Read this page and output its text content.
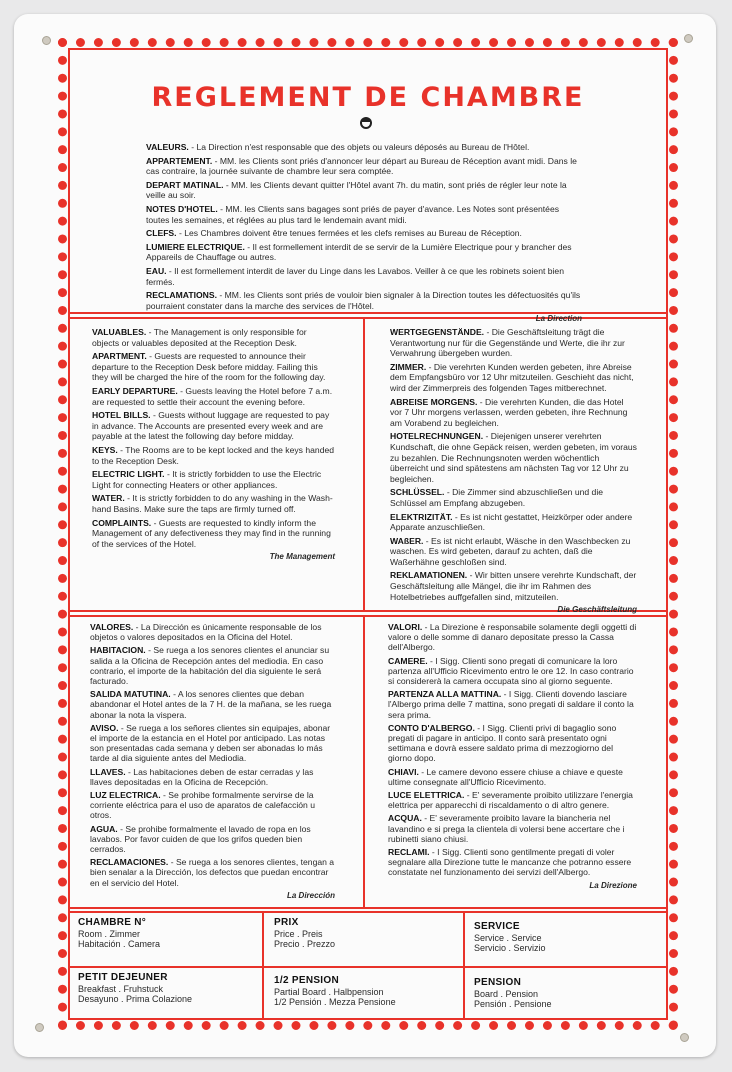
REGLEMENT DE CHAMBRE

VALEURS. - La Direction n'est responsable que des objets ou valeurs déposés au Bureau de l'Hôtel.

APPARTEMENT. - MM. les Clients sont priés d'annoncer leur départ au Bureau de Réception avant midi. Dans le cas contraire, la journée suivante de chambre leur sera comptée.

DEPART MATINAL. - MM. les Clients devant quitter l'Hôtel avant 7h. du matin, sont priés de régler leur note la veille au soir.

NOTES D'HOTEL. - MM. les Clients sans bagages sont priés de payer d'avance. Les Notes sont présentées toutes les semaines, et réglées au plus tard le lendemain avant midi.

CLEFS. - Les Chambres doivent être tenues fermées et les clefs remises au Bureau de Réception.

LUMIERE ELECTRIQUE. - Il est formellement interdit de se servir de la Lumière Electrique pour y brancher des Appareils de Chauffage ou autres.

EAU. - Il est formellement interdit de laver du Linge dans les Lavabos. Veiller à ce que les robinets soient bien fermés.

RECLAMATIONS. - MM. les Clients sont priés de vouloir bien signaler à la Direction toutes les défectuosités qu'ils pourraient constater dans la marche des services de l'Hôtel.

La Direction

VALUABLES. - The Management is only responsible for objects or valuables deposited at the Reception Desk.

APARTMENT. - Guests are requested to announce their departure to the Reception Desk before midday. Failing this they will be charged the hire of the room for the following day.

EARLY DEPARTURE. - Guests leaving the Hotel before 7 a.m. are requested to settle their account the evening before.

HOTEL BILLS. - Guests without luggage are requested to pay in advance. The Accounts are presented every week and are payable at the latest the following day before midday.

KEYS. - The Rooms are to be kept locked and the keys handed to the Reception Desk.

ELECTRIC LIGHT. - It is strictly forbidden to use the Electric Light for connecting Heaters or other appliances.

WATER. - It is strictly forbidden to do any washing in the Wash-hand Basins. Make sure the taps are firmly turned off.

COMPLAINTS. - Guests are requested to kindly inform the Management of any defectiveness they may find in the running of the services of the Hotel.

The Management

WERTGEGENSTÄNDE. - Die Geschäftsleitung trägt die Verantwortung nur für die Gegenstände und Werte, die ihr zur Verwahrung übergeben wurden.

ZIMMER. - Die verehrten Kunden werden gebeten, ihre Abreise dem Empfangsbüro vor 12 Uhr mitzuteilen. Geschieht das nicht, wird der Zimmerpreis des folgenden Tages mitberechnet.

ABREISE MORGENS. - Die verehrten Kunden, die das Hotel vor 7 Uhr morgens verlassen, werden gebeten, ihre Rechnung am Vorabend zu begleichen.

HOTELRECHNUNGEN. - Diejenigen unserer verehrten Kundschaft, die ohne Gepäck reisen, werden gebeten, im voraus zu bezahlen. Die Rechnungsnoten werden wöchentlich überreicht und sind spätestens am nächsten Tag vor 12 Uhr zu begleichen.

SCHLÜSSEL. - Die Zimmer sind abzuschließen und die Schlüssel am Empfang abzugeben.

ELEKTRIZITÄT. - Es ist nicht gestattet, Heizkörper oder andere Apparate anzuschließen.

WAßER. - Es ist nicht erlaubt, Wäsche in den Waschbecken zu waschen. Es wird gebeten, darauf zu achten, daß die Waßerhähne geschloßen sind.

REKLAMATIONEN. - Wir bitten unsere verehrte Kundschaft, der Geschäftsleitung alle Mängel, die ihr im Rahmen des Hotelbetriebes auffgefallen sind, mitzuteilen.

Die Geschäftsleitung

VALORES. - La Dirección es únicamente responsable de los objetos o valores depositados en la Oficina del Hotel.

HABITACION. - Se ruega a los senores clientes el anunciar su salida a la Oficina de Recepción antes del mediodia. En caso contrario, el importe de la habitación del dia siguiente le será facturado.

SALIDA MATUTINA. - A los senores clientes que deban abandonar el Hotel antes de la 7 H. de la mañana, se les ruega abonar la nota la vispera.

AVISO. - Se ruega a los señores clientes sin equipajes, abonar el importe de la estancia en el Hotel por anticipado. Las notas son presentadas cada semana y deben ser abonadas lo más tarde al dia siguiente antes del Mediodia.

LLAVES. - Las habitaciones deben de estar cerradas y las llaves depositadas en la Oficina de Recepción.

LUZ ELECTRICA. - Se prohibe formalmente servirse de la corriente eléctrica para el uso de aparatos de calefacción u otros.

AGUA. - Se prohibe formalmente el lavado de ropa en los lavabos. Por favor cuiden de que los grifos queden bien cerrados.

RECLAMACIONES. - Se ruega a los senores clientes, tengan a bien senalar a la Dirección, los defectos que puedan encontrar en el servicio del Hotel.

La Dirección

VALORI. - La Direzione è responsabile solamente degli oggetti di valore o delle somme di danaro depositate presso la Cassa dell'Albergo.

CAMERE. - I Sigg. Clienti sono pregati di comunicare la loro partenza all'Ufficio Ricevimento entro le ore 12. In caso contrario si considererà la camera occupata sino al giorno seguente.

PARTENZA ALLA MATTINA. - I Sigg. Clienti dovendo lasciare l'Albergo prima delle 7 mattina, sono pregati di saldare il conto la sera prima.

CONTO D'ALBERGO. - I Sigg. Clienti privi di bagaglio sono pregati di pagare in anticipo. Il conto sarà presentato ogni settimana e dovrà essere saldato prima di mezzogiorno del giorno dopo.

CHIAVI. - Le camere devono essere chiuse a chiave e queste ultime consegnate all'Ufficio Ricevimento.

LUCE ELETTRICA. - E' severamente proibito utilizzare l'energia elettrica per apparecchi di riscaldamento o di altro genere.

ACQUA. - E' severamente proibito lavare la biancheria nel lavandino e si prega la clientela di volersi bene accertare che i rubinetti siano chiusi.

RECLAMI. - I Sigg. Clienti sono gentilmente pregati di voler segnalare alla Direzione tutte le mancanze che potranno essere constatate nel funzionamento dei servizi dell'Albergo.

La Direzione
CHAMBRE N°
Room . Zimmer
Habitación . Camera
PRIX
Price . Preis
Precio . Prezzo
SERVICE
Service . Service
Servicio . Servizio
PETIT DEJEUNER
Breakfast . Fruhstuck
Desayuno . Prima Colazione
1/2 PENSION
Partial Board . Halbpension
1/2 Pensión . Mezza Pensione
PENSION
Board . Pension
Pensión . Pensione
